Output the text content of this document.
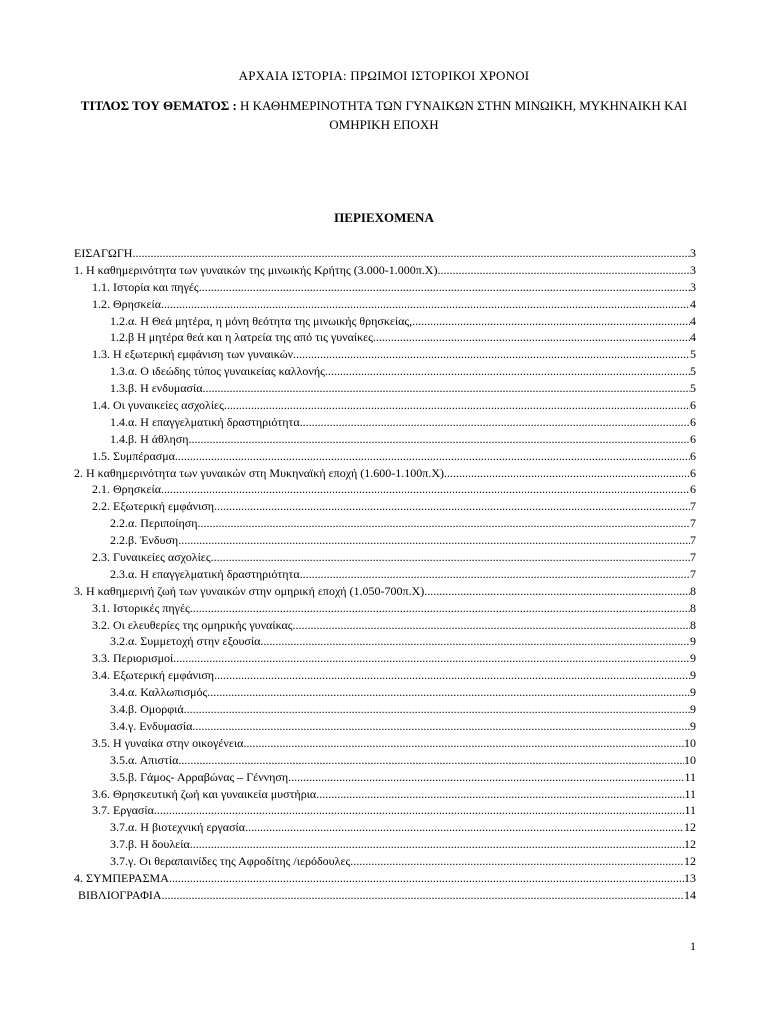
ΑΡΧΑΙΑ ΙΣΤΟΡΙΑ: ΠΡΩΙΜΟΙ ΙΣΤΟΡΙΚΟΙ ΧΡΟΝΟΙ
ΤΙΤΛΟΣ ΤΟΥ ΘΕΜΑΤΟΣ : Η ΚΑΘΗΜΕΡΙΝΟΤΗΤΑ ΤΩΝ ΓΥΝΑΙΚΩΝ ΣΤΗΝ ΜΙΝΩΙΚΗ, ΜΥΚΗΝΑΙΚΗ ΚΑΙ ΟΜΗΡΙΚΗ ΕΠΟΧΗ
ΠΕΡΙΕΧΟΜΕΝΑ
ΕΙΣΑΓΩΓΗ .....	3
1. Η καθημερινότητα των γυναικών της μινωικής Κρήτης (3.000-1.000π.Χ) .....	3
1.1. Ιστορία και πηγές .....	3
1.2. Θρησκεία .....	4
1.2.α. Η Θεά μητέρα, η μόνη θεότητα της μινωικής θρησκείας, .....	4
1.2.β Η μητέρα θεά και η λατρεία της από τις γυναίκες .....	4
1.3. Η εξωτερική εμφάνιση των γυναικών .....	5
1.3.α. Ο ιδεώδης τύπος γυναικείας καλλονής .....	5
1.3.β. Η ενδυμασία .....	5
1.4. Οι γυναικείες ασχολίες .....	6
1.4.α. Η επαγγελματική δραστηριότητα .....	6
1.4.β. Η άθληση .....	6
1.5. Συμπέρασμα .....	6
2. Η καθημερινότητα των γυναικών στη Μυκηναϊκή εποχή (1.600-1.100π.Χ) .....	6
2.1. Θρησκεία .....	6
2.2. Εξωτερική εμφάνιση .....	7
2.2.α. Περιποίηση .....	7
2.2.β. Ένδυση .....	7
2.3. Γυναικείες ασχολίες .....	7
2.3.α. Η επαγγελματική δραστηριότητα .....	7
3. Η καθημερινή ζωή των γυναικών στην ομηρική εποχή (1.050-700π.Χ) .....	8
3.1. Ιστορικές πηγές .....	8
3.2. Οι ελευθερίες της ομηρικής γυναίκας .....	8
3.2.α. Συμμετοχή στην εξουσία .....	9
3.3. Περιορισμοί .....	9
3.4. Εξωτερική εμφάνιση .....	9
3.4.α. Καλλωπισμός .....	9
3.4.β. Ομορφιά .....	9
3.4.γ. Ενδυμασία .....	9
3.5. Η γυναίκα στην οικογένεια .....	10
3.5.α. Απιστία .....	10
3.5.β. Γάμος- Αρραβώνας – Γέννηση .....	11
3.6. Θρησκευτική ζωή και γυναικεία μυστήρια .....	11
3.7. Εργασία .....	11
3.7.α. Η βιοτεχνική εργασία .....	12
3.7.β. Η δουλεία .....	12
3.7.γ. Οι θεραπαινίδες της Αφροδίτης /ιερόδουλες .....	12
4. ΣΥΜΠΕΡΑΣΜΑ .....	13
ΒΙΒΛΙΟΓΡΑΦΙΑ .....	14
1
